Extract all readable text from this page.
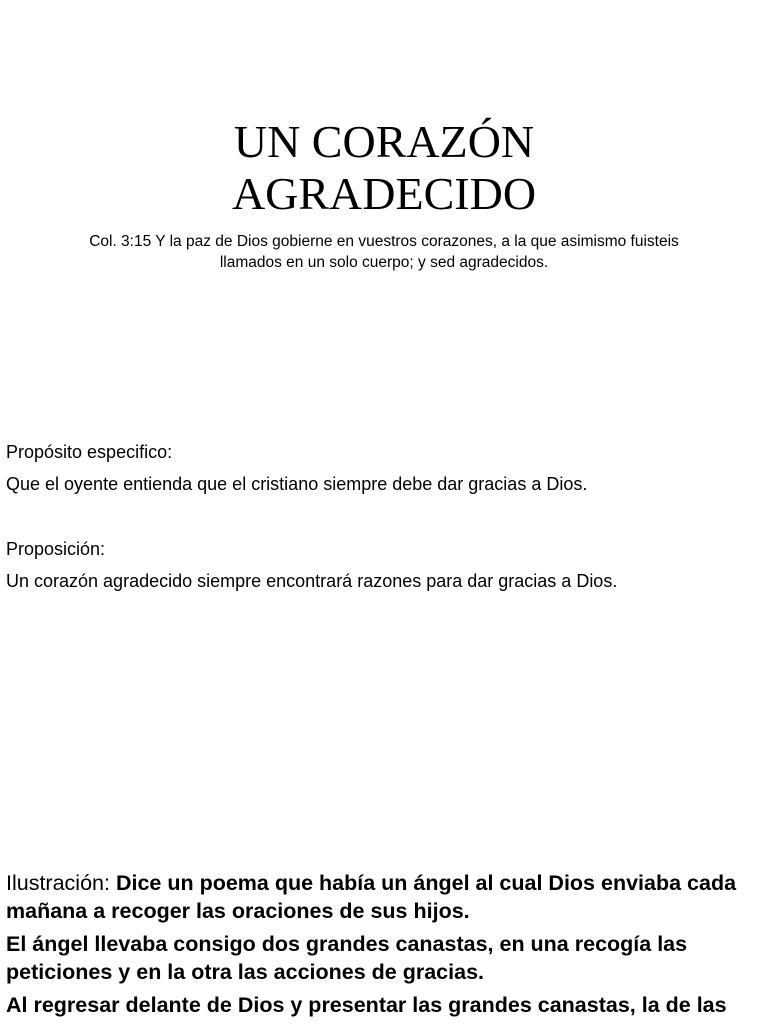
UN CORAZÓN
AGRADECIDO

Col. 3:15 Y la paz de Dios gobierne en vuestros corazones, a la que asimismo fuisteis llamados en un solo cuerpo; y sed agradecidos.

Propósito especifico:

Que el oyente entienda que el cristiano siempre debe dar gracias a Dios.

Proposición:

Un corazón agradecido siempre encontrará razones para dar gracias a Dios.

Ilustración: Dice un poema que había un ángel al cual Dios enviaba cada mañana a recoger las oraciones de sus hijos.

El ángel llevaba consigo dos grandes canastas, en una recogía las peticiones y en la otra las acciones de gracias.

Al regresar delante de Dios y presentar las grandes canastas, la de las
